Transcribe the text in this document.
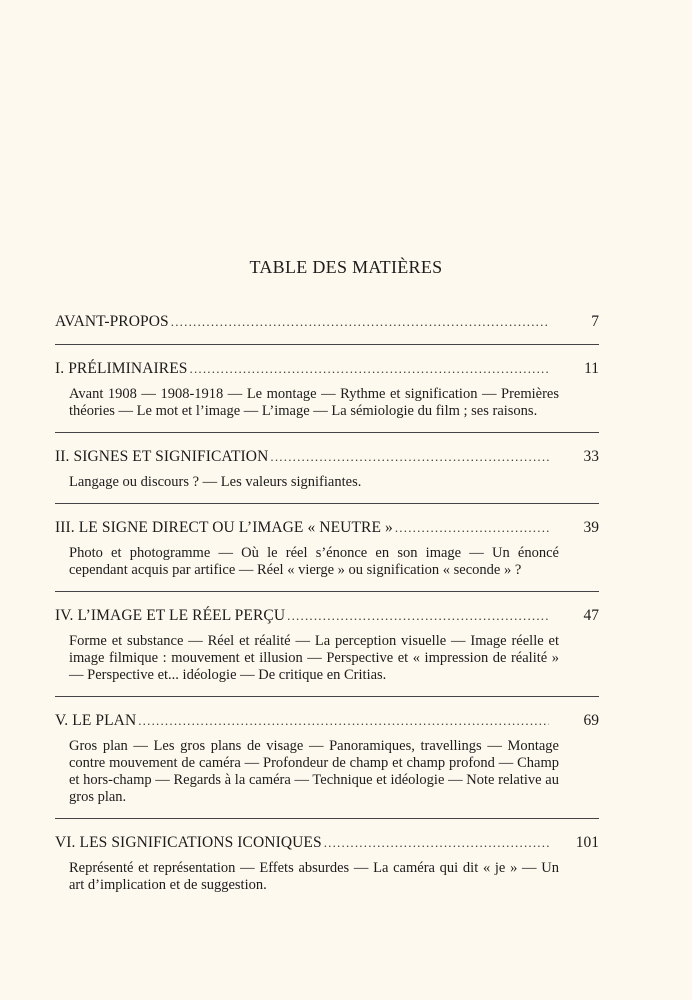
TABLE DES MATIÈRES
AVANT-PROPOS .....	7
I. PRÉLIMINAIRES .....	11
Avant 1908 — 1908-1918 — Le montage — Rythme et signification — Premières théories — Le mot et l’image — L’image — La sémiologie du film ; ses raisons.
II. SIGNES ET SIGNIFICATION .....	33
Langage ou discours ? — Les valeurs signifiantes.
III. LE SIGNE DIRECT OU L’IMAGE « NEUTRE » .....	39
Photo et photogramme — Où le réel s’énonce en son image — Un énoncé cependant acquis par artifice — Réel « vierge » ou signification « seconde » ?
IV. L’IMAGE ET LE RÉEL PERÇU .....	47
Forme et substance — Réel et réalité — La perception visuelle — Image réelle et image filmique : mouvement et illusion — Perspective et « impression de réalité » — Perspective et... idéologie — De critique en Critias.
V. LE PLAN .....	69
Gros plan — Les gros plans de visage — Panoramiques, travellings — Montage contre mouvement de caméra — Profondeur de champ et champ profond — Champ et hors-champ — Regards à la caméra — Technique et idéologie — Note relative au gros plan.
VI. LES SIGNIFICATIONS ICONIQUES .....	101
Représenté et représentation — Effets absurdes — La caméra qui dit « je » — Un art d’implication et de suggestion.
